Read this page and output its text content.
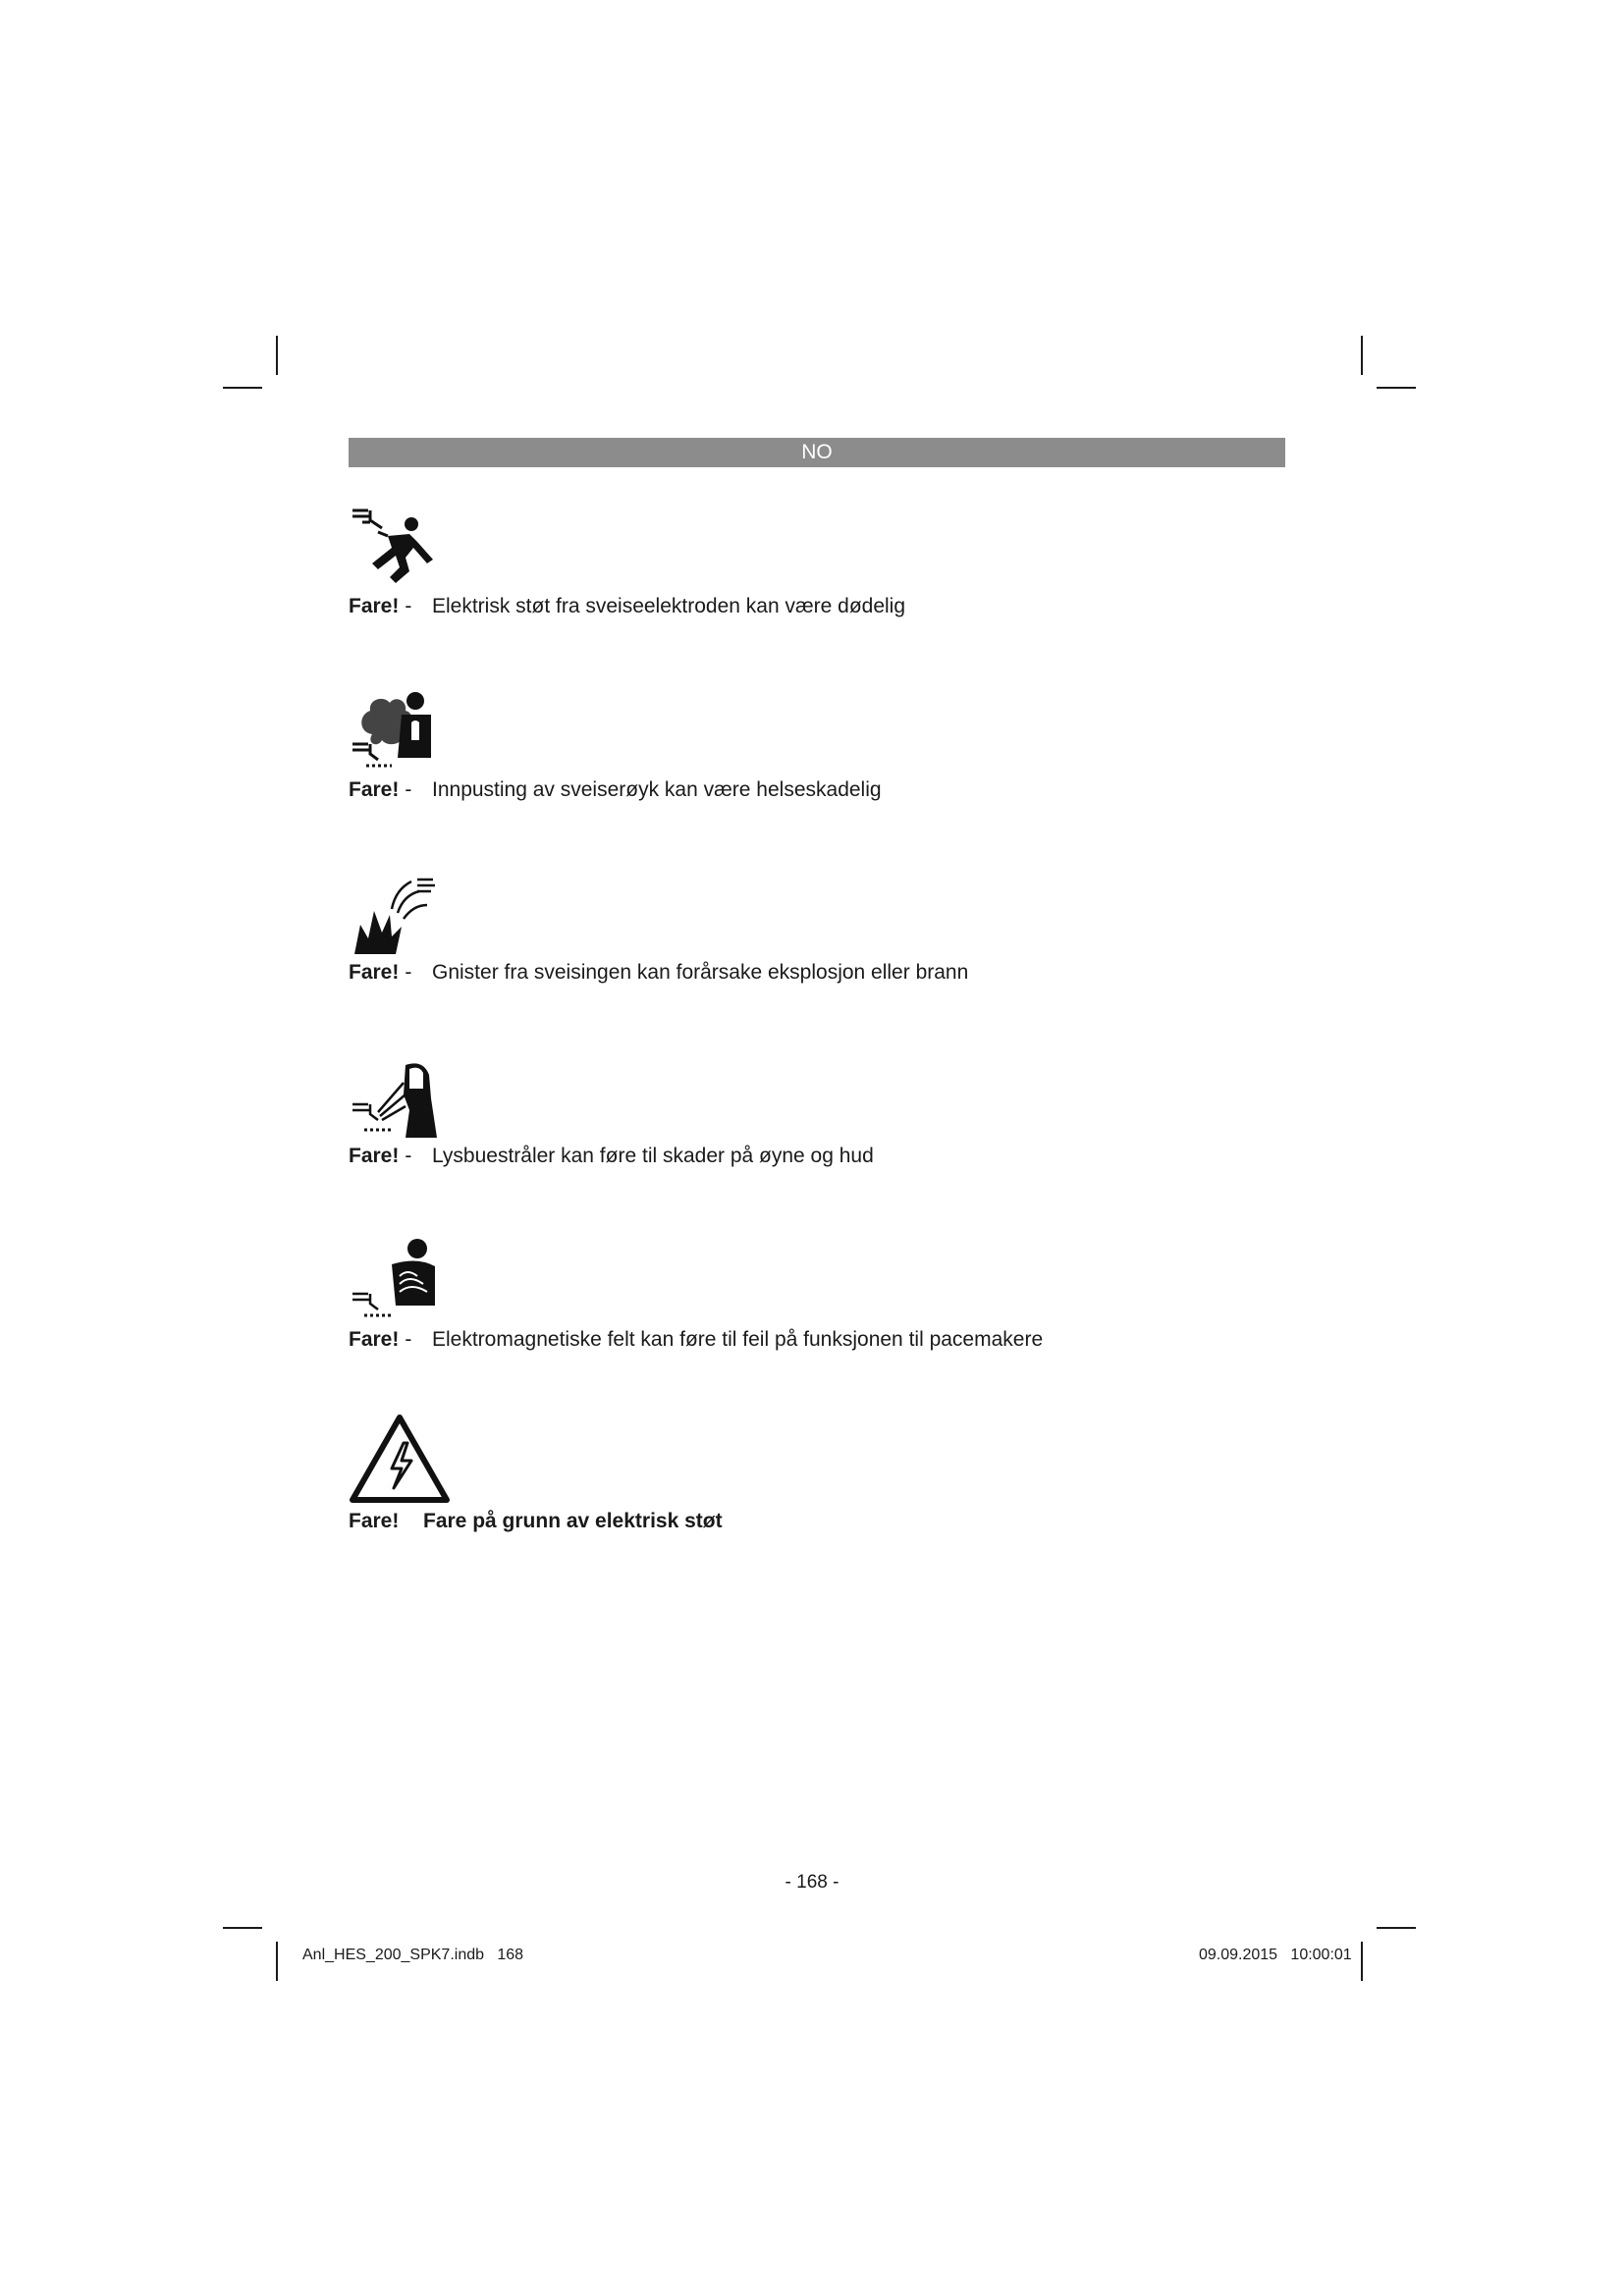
NO
Fare! - Elektrisk støt fra sveiseelektroden kan være dødelig
Fare! - Innpusting av sveiserøyk kan være helseskadelig
Fare! - Gnister fra sveisingen kan forårsake eksplosjon eller brann
Fare! - Lysbuestråler kan føre til skader på øyne og hud
Fare! - Elektromagnetiske felt kan føre til feil på funksjonen til pacemakere
Fare! Fare på grunn av elektrisk støt
- 168 -
Anl_HES_200_SPK7.indb   168	09.09.2015   10:00:01
